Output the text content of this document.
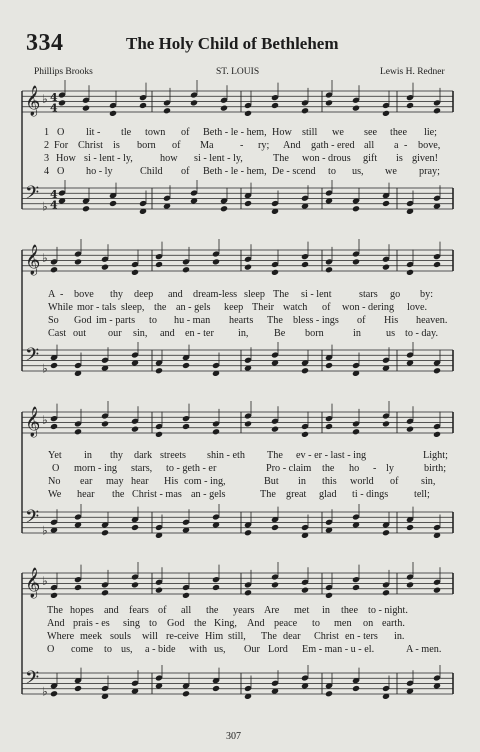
334	The Holy Child of Bethlehem
Phillips Brooks	ST. LOUIS	Lewis H. Redner
𝄞
𝄢
♭
♭
4
4
4
4
𝄞
𝄢
♭
♭
𝄞
𝄢
♭
♭
𝄞
𝄢
♭
♭
1 O lit - tle town of Beth - le - hem, How still we see thee lie;
2 For Christ is born of Ma	- ry; And gath - ered all a - bove,
3 How si - lent - ly,	how si - lent - ly,	The won - drous gift is given!
4 O ho - ly	Child of Beth - le - hem, De - scend to us, we pray;
A - bove thy deep and dream-less sleep The si - lent	stars go by:
While mor - tals sleep, the an - gels keep Their watch of won - dering love.
So God im - parts to hu - man hearts The bless - ings of His heaven.
Cast out our sin, and en - ter in,	Be born	in us to - day.
Yet in thy dark streets shin - eth The ev - er - last - ing	Light;
O morn - ing stars, to - geth - er	Pro - claim the ho - ly	birth;
No ear may hear His com - ing,	But in this world of sin,
We hear the Christ - mas an - gels	The great glad ti - dings	tell;
The hopes and fears of all the years Are met in thee to - night.
And prais - es sing to God the King, And peace to men on earth.
Where meek souls will re-ceive Him still, The dear Christ en - ters in.
O come to us, a - bide with us, Our Lord Em - man - u - el.	A - men.
307
